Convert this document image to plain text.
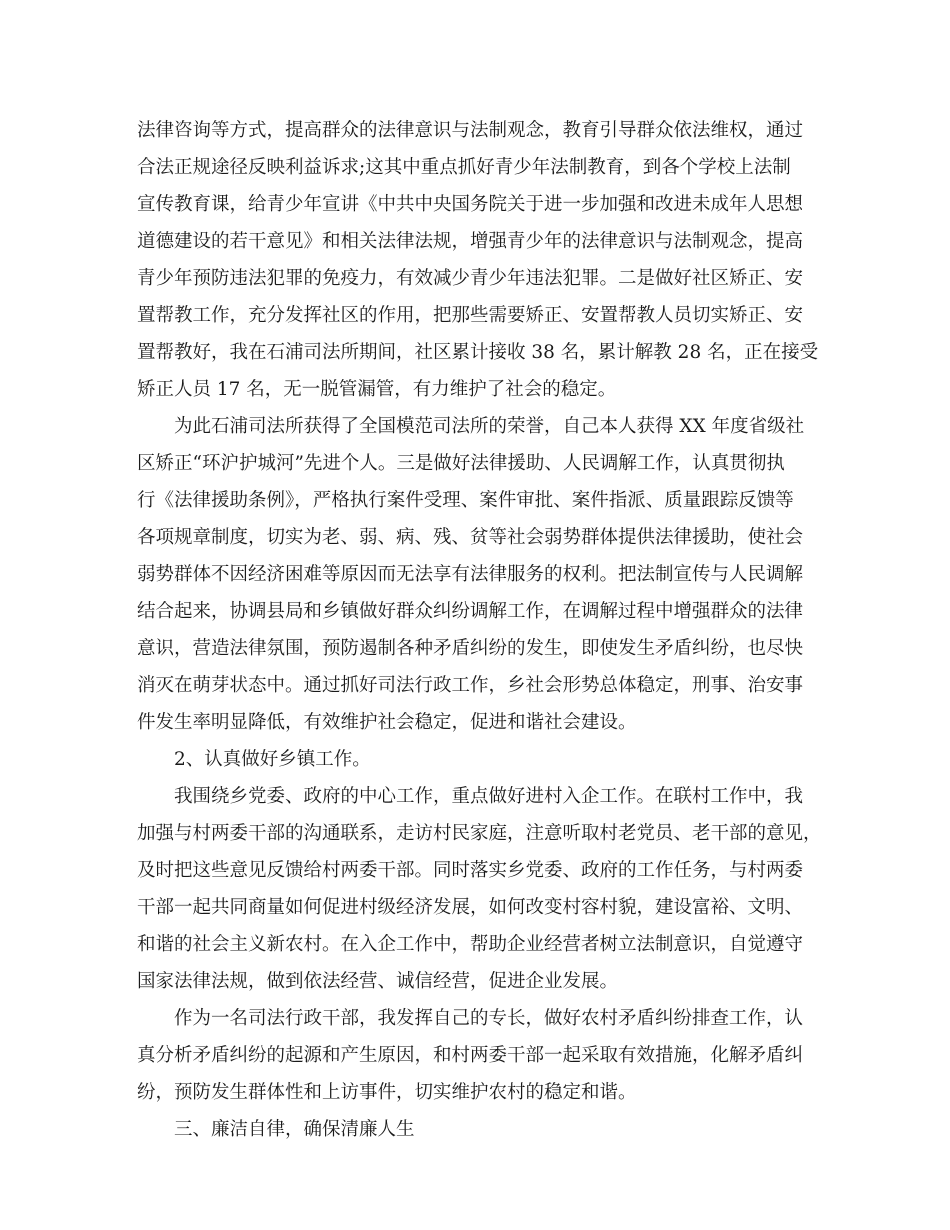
法律咨询等方式，提高群众的法律意识与法制观念，教育引导群众依法维权，通过
合法正规途径反映利益诉求;这其中重点抓好青少年法制教育，到各个学校上法制
宣传教育课，给青少年宣讲《中共中央国务院关于进一步加强和改进未成年人思想
道德建设的若干意见》和相关法律法规，增强青少年的法律意识与法制观念，提高
青少年预防违法犯罪的免疫力，有效减少青少年违法犯罪。二是做好社区矫正、安
置帮教工作，充分发挥社区的作用，把那些需要矫正、安置帮教人员切实矫正、安
置帮教好，我在石浦司法所期间，社区累计接收 38 名，累计解教 28 名，正在接受
矫正人员 17 名，无一脱管漏管，有力维护了社会的稳定。
为此石浦司法所获得了全国模范司法所的荣誉，自己本人获得 XX 年度省级社
区矫正“环沪护城河”先进个人。三是做好法律援助、人民调解工作，认真贯彻执
行《法律援助条例》，严格执行案件受理、案件审批、案件指派、质量跟踪反馈等
各项规章制度，切实为老、弱、病、残、贫等社会弱势群体提供法律援助，使社会
弱势群体不因经济困难等原因而无法享有法律服务的权利。把法制宣传与人民调解
结合起来，协调县局和乡镇做好群众纠纷调解工作，在调解过程中增强群众的法律
意识，营造法律氛围，预防遏制各种矛盾纠纷的发生，即使发生矛盾纠纷，也尽快
消灭在萌芽状态中。通过抓好司法行政工作，乡社会形势总体稳定，刑事、治安事
件发生率明显降低，有效维护社会稳定，促进和谐社会建设。
2、认真做好乡镇工作。
我围绕乡党委、政府的中心工作，重点做好进村入企工作。在联村工作中，我
加强与村两委干部的沟通联系，走访村民家庭，注意听取村老党员、老干部的意见，
及时把这些意见反馈给村两委干部。同时落实乡党委、政府的工作任务，与村两委
干部一起共同商量如何促进村级经济发展，如何改变村容村貌，建设富裕、文明、
和谐的社会主义新农村。在入企工作中，帮助企业经营者树立法制意识，自觉遵守
国家法律法规，做到依法经营、诚信经营，促进企业发展。
作为一名司法行政干部，我发挥自己的专长，做好农村矛盾纠纷排查工作，认
真分析矛盾纠纷的起源和产生原因，和村两委干部一起采取有效措施，化解矛盾纠
纷，预防发生群体性和上访事件，切实维护农村的稳定和谐。
三、廉洁自律，确保清廉人生
